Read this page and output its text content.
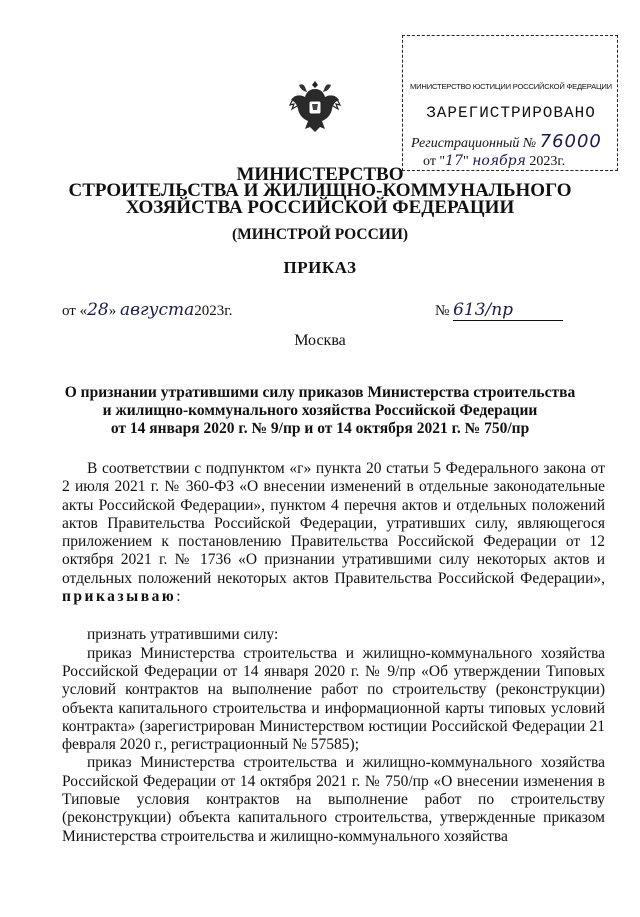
МИНИСТЕРСТВО ЮСТИЦИИ РОССИЙСКОЙ ФЕДЕРАЦИИ
ЗАРЕГИСТРИРОВАНО
Регистрационный № 76000
от "17" ноября 2023г.
МИНИСТЕРСТВО
СТРОИТЕЛЬСТВА И ЖИЛИЩНО-КОММУНАЛЬНОГО
ХОЗЯЙСТВА РОССИЙСКОЙ ФЕДЕРАЦИИ
(МИНСТРОЙ РОССИИ)
ПРИКАЗ
от «28» августа2023г.	№ 613/пр
Москва
О признании утратившими силу приказов Министерства строительства
и жилищно-коммунального хозяйства Российской Федерации
от 14 января 2020 г. № 9/пр и от 14 октября 2021 г. № 750/пр

В соответствии с подпунктом «г» пункта 20 статьи 5 Федерального закона от 2 июля 2021 г. № 360-ФЗ «О внесении изменений в отдельные законодательные акты Российской Федерации», пунктом 4 перечня актов и отдельных положений актов Правительства Российской Федерации, утративших силу, являющегося приложением к постановлению Правительства Российской Федерации от 12 октября 2021 г. № 1736 «О признании утратившими силу некоторых актов и отдельных положений некоторых актов Правительства Российской Федерации», приказываю:

признать утратившими силу:

приказ Министерства строительства и жилищно-коммунального хозяйства Российской Федерации от 14 января 2020 г. № 9/пр «Об утверждении Типовых условий контрактов на выполнение работ по строительству (реконструкции) объекта капитального строительства и информационной карты типовых условий контракта» (зарегистрирован Министерством юстиции Российской Федерации 21 февраля 2020 г., регистрационный № 57585);

приказ Министерства строительства и жилищно-коммунального хозяйства Российской Федерации от 14 октября 2021 г. № 750/пр «О внесении изменения в Типовые условия контрактов на выполнение работ по строительству (реконструкции) объекта капитального строительства, утвержденные приказом Министерства строительства и жилищно-коммунального хозяйства
